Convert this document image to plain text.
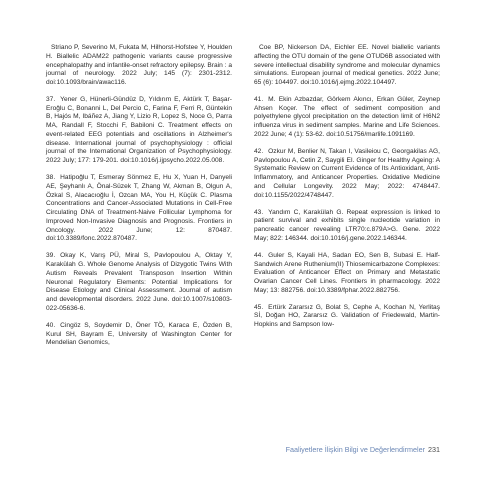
Striano P, Severino M, Fukata M, Hilhorst-Hofstee Y, Houlden H. Biallelic ADAM22 pathogenic variants cause progressive encephalopathy and infantile-onset refractory epilepsy. Brain : a journal of neurology. 2022 July; 145 (7): 2301-2312. doi:10.1093/brain/awac116.

37. Yener G, Hünerli-Gündüz D, Yıldırım E, Aktürk T, Başar-Eroğlu C, Bonanni L, Del Percio C, Farina F, Ferri R, Güntekin B, Hajós M, Ibáñez A, Jiang Y, Lizio R, Lopez S, Noce G, Parra MA, Randall F, Stocchi F, Babiloni C. Treatment effects on event-related EEG potentials and oscillations in Alzheimer's disease. International journal of psychophysiology : official journal of the International Organization of Psychophysiology. 2022 July; 177: 179-201. doi:10.1016/j.ijpsycho.2022.05.008.

38. Hatipoğlu T, Esmeray Sönmez E, Hu X, Yuan H, Danyeli AE, Şeyhanlı A, Önal-Süzek T, Zhang W, Akman B, Olgun A, Özkal S, Alacacıoğlu İ, Ozcan MA, You H, Küçük C. Plasma Concentrations and Cancer-Associated Mutations in Cell-Free Circulating DNA of Treatment-Naive Follicular Lymphoma for Improved Non-Invasive Diagnosis and Prognosis. Frontiers in Oncology. 2022 June; 12: 870487. doi:10.3389/fonc.2022.870487.

39. Okay K, Varış PÜ, Miral S, Pavlopoulou A, Oktay Y, Karakülah G. Whole Genome Analysis of Dizygotic Twins With Autism Reveals Prevalent Transposon Insertion Within Neuronal Regulatory Elements: Potential Implications for Disease Etiology and Clinical Assessment. Journal of autism and developmental disorders. 2022 June. doi:10.1007/s10803-022-05636-6.

40. Cingöz S, Soydemir D, Öner TÖ, Karaca E, Özden B, Kurul SH, Bayram E, University of Washington Center for Mendelian Genomics,

Coe BP, Nickerson DA, Eichler EE. Novel biallelic variants affecting the OTU domain of the gene OTUD6B associated with severe intellectual disability syndrome and molecular dynamics simulations. European journal of medical genetics. 2022 June; 65 (6): 104497. doi:10.1016/j.ejmg.2022.104497.

41. M. Ekin Azbazdar, Görkem Akıncı, Erkan Güler, Zeynep Ahsen Koçer. The effect of sediment composition and polyethylene glycol precipitation on the detection limit of H6N2 influenza virus in sediment samples. Marine and Life Sciences. 2022 June; 4 (1): 53-62. doi:10.51756/marlife.1091169.

42. Ozkur M, Benlier N, Takan I, Vasileiou C, Georgakilas AG, Pavlopoulou A, Cetin Z, Saygili EI. Ginger for Healthy Ageing: A Systematic Review on Current Evidence of Its Antioxidant, Anti-Inflammatory, and Anticancer Properties. Oxidative Medicine and Cellular Longevity. 2022 May; 2022: 4748447. doi:10.1155/2022/4748447.

43. Yandım C, Karakülah G. Repeat expression is linked to patient survival and exhibits single nucleotide variation in pancreatic cancer revealing LTR70:c.879A>G. Gene. 2022 May; 822: 146344. doi:10.1016/j.gene.2022.146344.

44. Guler S, Kayali HA, Sadan EO, Sen B, Subasi E. Half-Sandwich Arene Ruthenium(II) Thiosemicarbazone Complexes: Evaluation of Anticancer Effect on Primary and Metastatic Ovarian Cancer Cell Lines. Frontiers in pharmacology. 2022 May; 13: 882756. doi:10.3389/fphar.2022.882756.

45. Ertürk Zararsız G, Bolat S, Cephe A, Kochan N, Yerlitaş Sİ, Doğan HO, Zararsız G. Validation of Friedewald, Martin-Hopkins and Sampson low-

Faaliyetlere İlişkin Bilgi ve Değerlendirmeler 231
